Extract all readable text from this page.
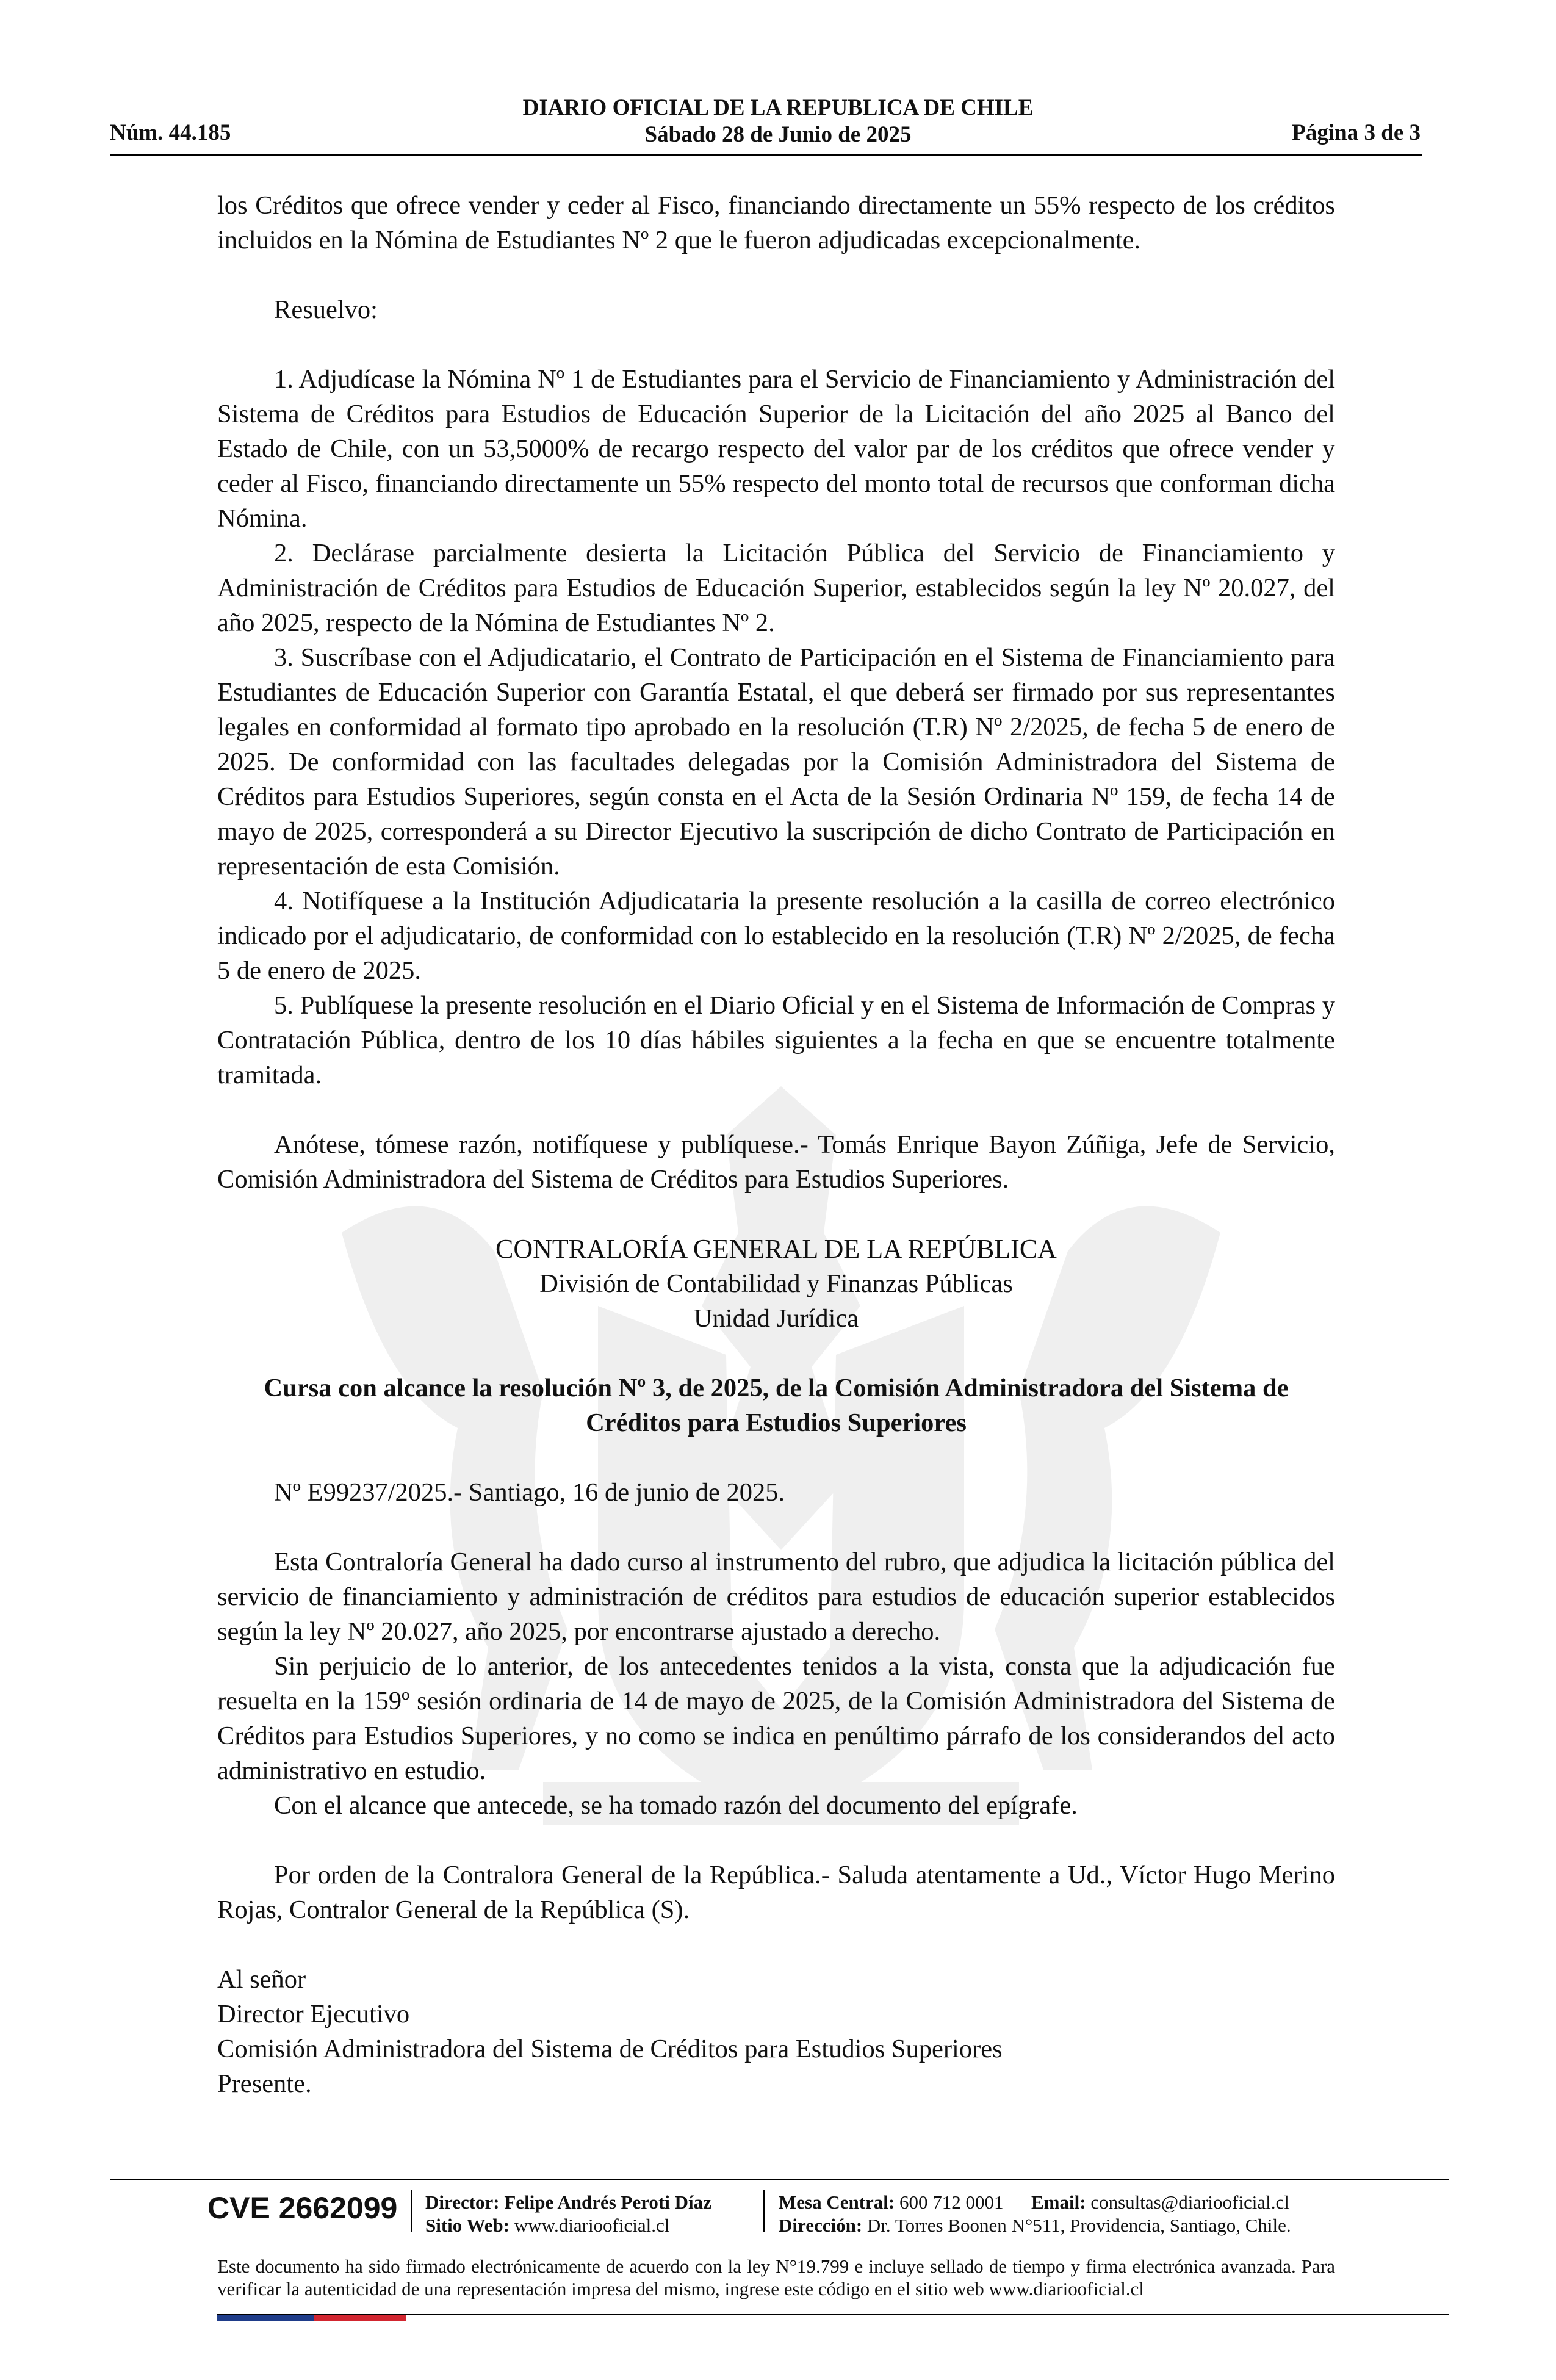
DIARIO OFICIAL DE LA REPUBLICA DE CHILE
Núm. 44.185	Sábado 28 de Junio de 2025	Página 3 de 3

los Créditos que ofrece vender y ceder al Fisco, financiando directamente un 55% respecto de los créditos incluidos en la Nómina de Estudiantes Nº 2 que le fueron adjudicadas excepcionalmente.

Resuelvo:

1. Adjudícase la Nómina Nº 1 de Estudiantes para el Servicio de Financiamiento y Administración del Sistema de Créditos para Estudios de Educación Superior de la Licitación del año 2025 al Banco del Estado de Chile, con un 53,5000% de recargo respecto del valor par de los créditos que ofrece vender y ceder al Fisco, financiando directamente un 55% respecto del monto total de recursos que conforman dicha Nómina.

2. Declárase parcialmente desierta la Licitación Pública del Servicio de Financiamiento y Administración de Créditos para Estudios de Educación Superior, establecidos según la ley Nº 20.027, del año 2025, respecto de la Nómina de Estudiantes Nº 2.

3. Suscríbase con el Adjudicatario, el Contrato de Participación en el Sistema de Financiamiento para Estudiantes de Educación Superior con Garantía Estatal, el que deberá ser firmado por sus representantes legales en conformidad al formato tipo aprobado en la resolución (T.R) Nº 2/2025, de fecha 5 de enero de 2025. De conformidad con las facultades delegadas por la Comisión Administradora del Sistema de Créditos para Estudios Superiores, según consta en el Acta de la Sesión Ordinaria Nº 159, de fecha 14 de mayo de 2025, corresponderá a su Director Ejecutivo la suscripción de dicho Contrato de Participación en representación de esta Comisión.

4. Notifíquese a la Institución Adjudicataria la presente resolución a la casilla de correo electrónico indicado por el adjudicatario, de conformidad con lo establecido en la resolución (T.R) Nº 2/2025, de fecha 5 de enero de 2025.

5. Publíquese la presente resolución en el Diario Oficial y en el Sistema de Información de Compras y Contratación Pública, dentro de los 10 días hábiles siguientes a la fecha en que se encuentre totalmente tramitada.

Anótese, tómese razón, notifíquese y publíquese.- Tomás Enrique Bayon Zúñiga, Jefe de Servicio, Comisión Administradora del Sistema de Créditos para Estudios Superiores.

CONTRALORÍA GENERAL DE LA REPÚBLICA

División de Contabilidad y Finanzas Públicas

Unidad Jurídica

Cursa con alcance la resolución Nº 3, de 2025, de la Comisión Administradora del Sistema de Créditos para Estudios Superiores

Nº E99237/2025.- Santiago, 16 de junio de 2025.

Esta Contraloría General ha dado curso al instrumento del rubro, que adjudica la licitación pública del servicio de financiamiento y administración de créditos para estudios de educación superior establecidos según la ley Nº 20.027, año 2025, por encontrarse ajustado a derecho.

Sin perjuicio de lo anterior, de los antecedentes tenidos a la vista, consta que la adjudicación fue resuelta en la 159º sesión ordinaria de 14 de mayo de 2025, de la Comisión Administradora del Sistema de Créditos para Estudios Superiores, y no como se indica en penúltimo párrafo de los considerandos del acto administrativo en estudio.

Con el alcance que antecede, se ha tomado razón del documento del epígrafe.

Por orden de la Contralora General de la República.- Saluda atentamente a Ud., Víctor Hugo Merino Rojas, Contralor General de la República (S).

Al señor

Director Ejecutivo

Comisión Administradora del Sistema de Créditos para Estudios Superiores

Presente.

CVE 2662099 Director: Felipe Andrés Peroti Díaz
Sitio Web: www.diariooficial.cl
Mesa Central: 600 712 0001 Email: consultas@diariooficial.cl
Dirección: Dr. Torres Boonen N°511, Providencia, Santiago, Chile.
Este documento ha sido firmado electrónicamente de acuerdo con la ley N°19.799 e incluye sellado de tiempo y firma electrónica avanzada. Para verificar la autenticidad de una representación impresa del mismo, ingrese este código en el sitio web www.diariooficial.cl
